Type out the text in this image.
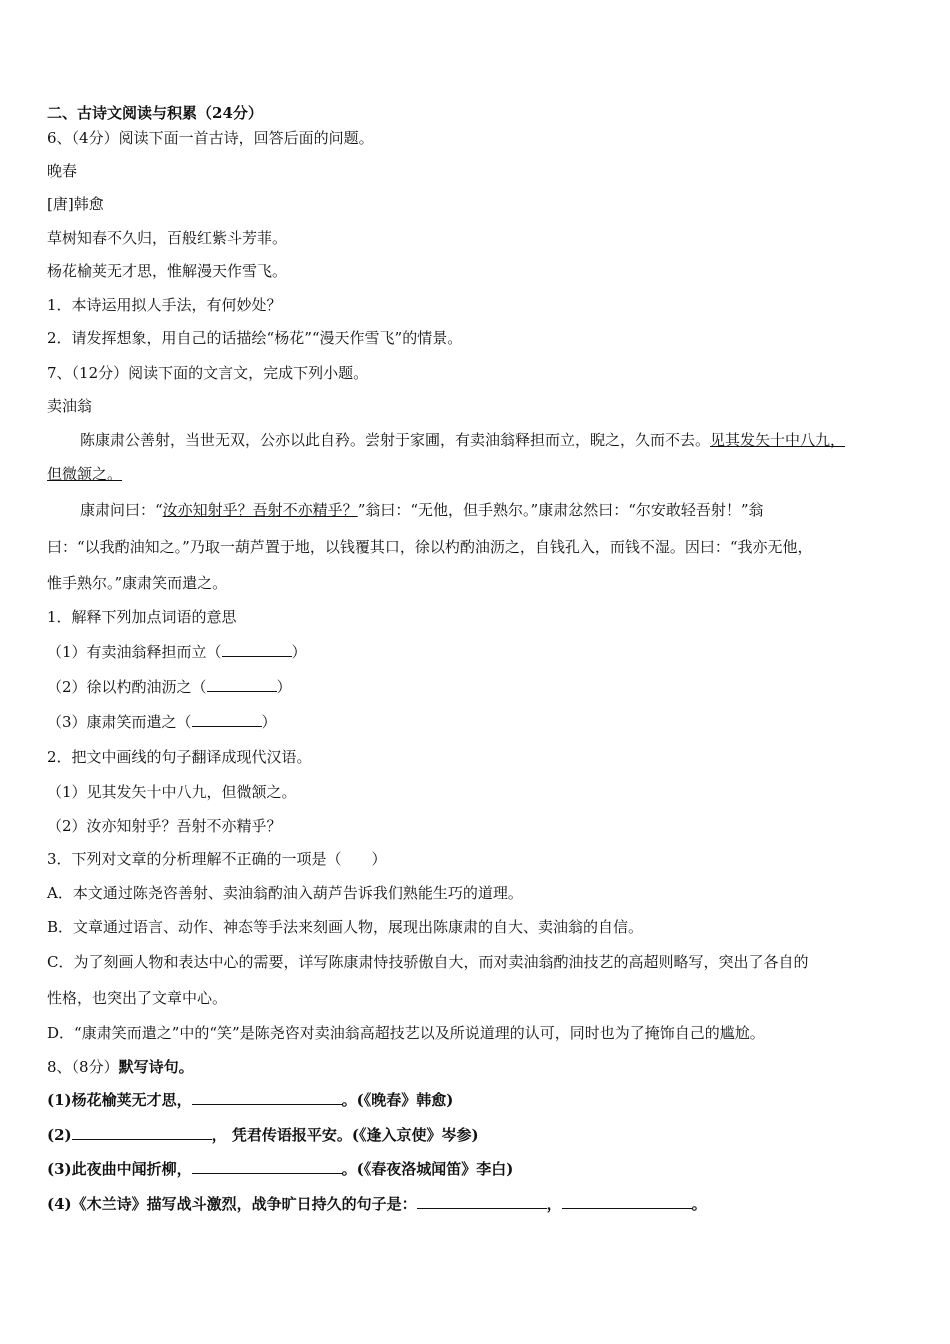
二、古诗文阅读与积累（24分）
6、（4分）阅读下面一首古诗，回答后面的问题。
晚春
[唐]韩愈
草树知春不久归，百般红紫斗芳菲。
杨花榆荚无才思，惟解漫天作雪飞。
1．本诗运用拟人手法，有何妙处？
2．请发挥想象，用自己的话描绘“杨花”“漫天作雪飞”的情景。
7、（12分）阅读下面的文言文，完成下列小题。
卖油翁
陈康肃公善射，当世无双，公亦以此自矜。尝射于家圃，有卖油翁释担而立，睨之，久而不去。见其发矢十中八九，
但微颔之。
康肃问曰：“汝亦知射乎？吾射不亦精乎？”翁曰：“无他，但手熟尔。”康肃忿然曰：“尔安敢轻吾射！”翁
曰：“以我酌油知之。”乃取一葫芦置于地，以钱覆其口，徐以杓酌油沥之，自钱孔入，而钱不湿。因曰：“我亦无他，
惟手熟尔。”康肃笑而遣之。
1．解释下列加点词语的意思
（1）有卖油翁释担而立（	）
（2）徐以杓酌油沥之（	）
（3）康肃笑而遣之（	）
2．把文中画线的句子翻译成现代汉语。
（1）见其发矢十中八九，但微颔之。
（2）汝亦知射乎？吾射不亦精乎？
3．下列对文章的分析理解不正确的一项是（　　）
A．本文通过陈尧咨善射、卖油翁酌油入葫芦告诉我们熟能生巧的道理。
B．文章通过语言、动作、神态等手法来刻画人物，展现出陈康肃的自大、卖油翁的自信。
C．为了刻画人物和表达中心的需要，详写陈康肃恃技骄傲自大，而对卖油翁酌油技艺的高超则略写，突出了各自的
性格，也突出了文章中心。
D．“康肃笑而遣之”中的“笑”是陈尧咨对卖油翁高超技艺以及所说道理的认可，同时也为了掩饰自己的尴尬。
8、（8分）默写诗句。
(1)杨花榆荚无才思，	。(《晚春》韩愈)
(2)	， 凭君传语报平安。(《逢入京使》岑参)
(3)此夜曲中闻折柳，	。(《春夜洛城闻笛》李白)
(4)《木兰诗》描写战斗激烈，战争旷日持久的句子是：	，	。
